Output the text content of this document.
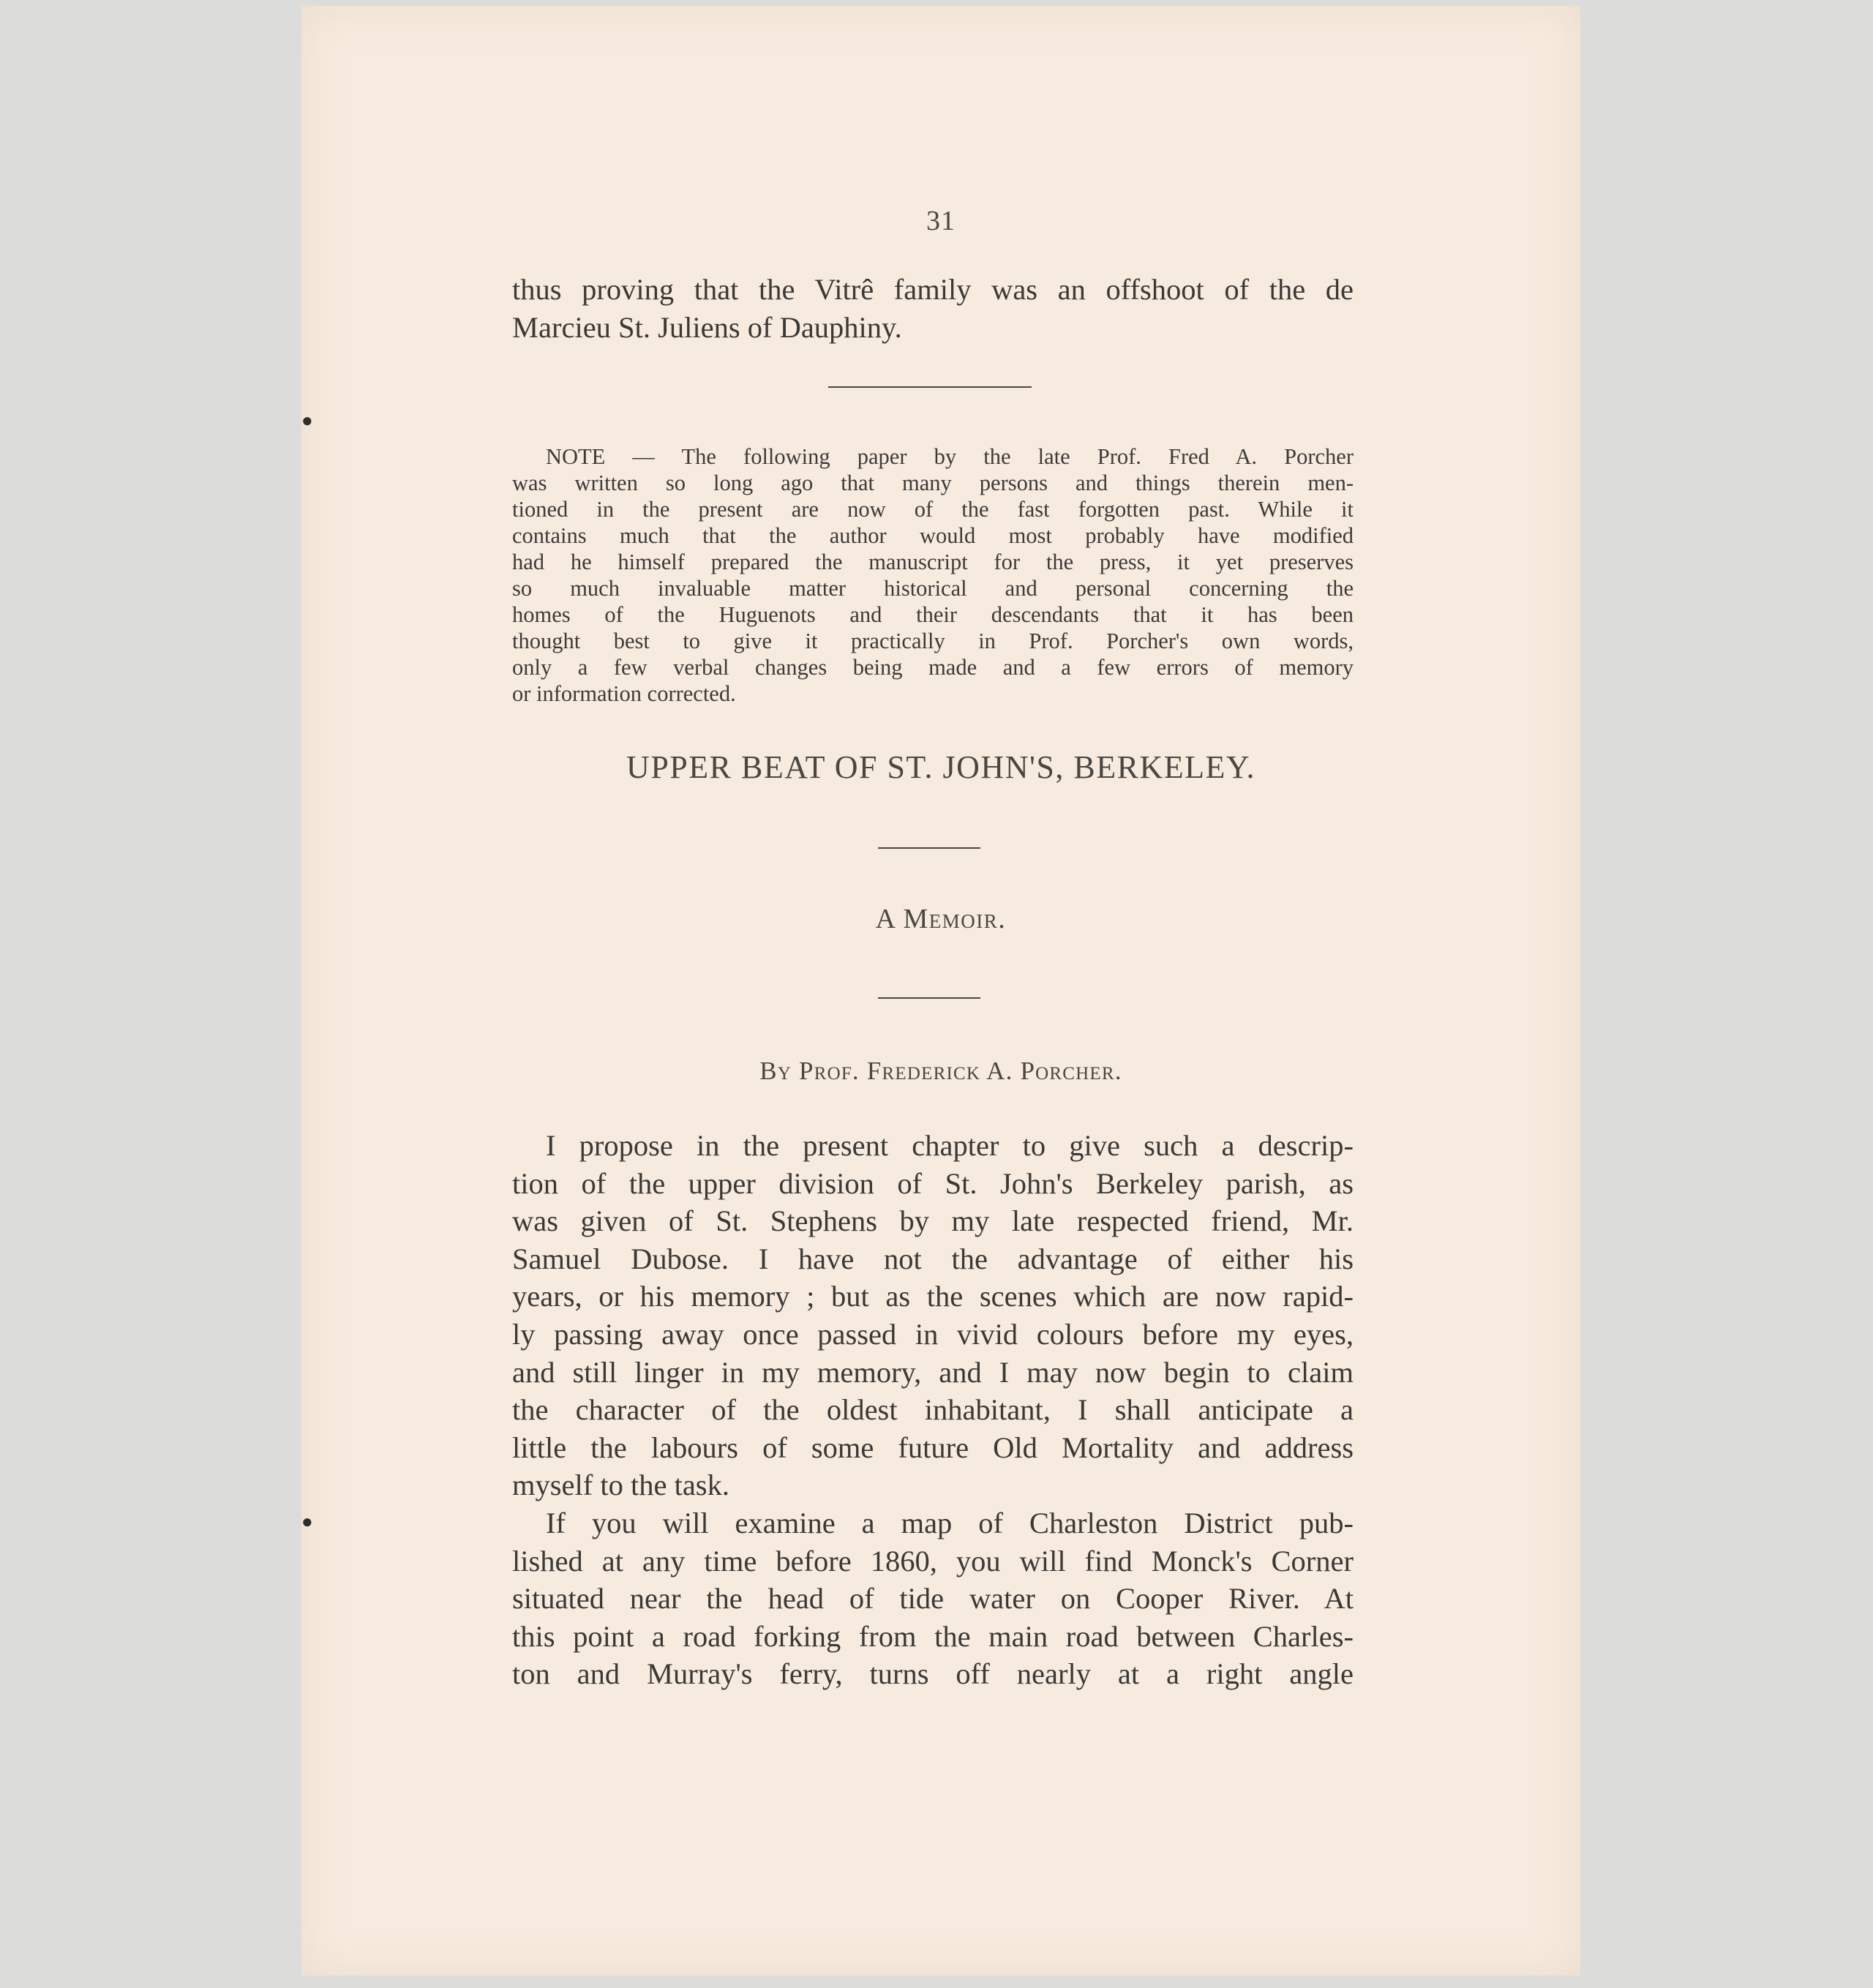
31
thus proving that the Vitrê family was an offshoot of the de
Marcieu St. Juliens of Dauphiny.
NOTE — The following paper by the late Prof. Fred A. Porcher
was written so long ago that many persons and things therein men-
tioned in the present are now of the fast forgotten past. While it
contains much that the author would most probably have modified
had he himself prepared the manuscript for the press, it yet preserves
so much invaluable matter historical and personal concerning the
homes of the Huguenots and their descendants that it has been
thought best to give it practically in Prof. Porcher's own words,
only a few verbal changes being made and a few errors of memory
or information corrected.
UPPER BEAT OF ST. JOHN'S, BERKELEY.
A Memoir.
By Prof. Frederick A. Porcher.
I propose in the present chapter to give such a descrip-
tion of the upper division of St. John's Berkeley parish, as
was given of St. Stephens by my late respected friend, Mr.
Samuel Dubose. I have not the advantage of either his
years, or his memory ; but as the scenes which are now rapid-
ly passing away once passed in vivid colours before my eyes,
and still linger in my memory, and I may now begin to claim
the character of the oldest inhabitant, I shall anticipate a
little the labours of some future Old Mortality and address
myself to the task.
If you will examine a map of Charleston District pub-
lished at any time before 1860, you will find Monck's Corner
situated near the head of tide water on Cooper River. At
this point a road forking from the main road between Charles-
ton and Murray's ferry, turns off nearly at a right angle
●
●
